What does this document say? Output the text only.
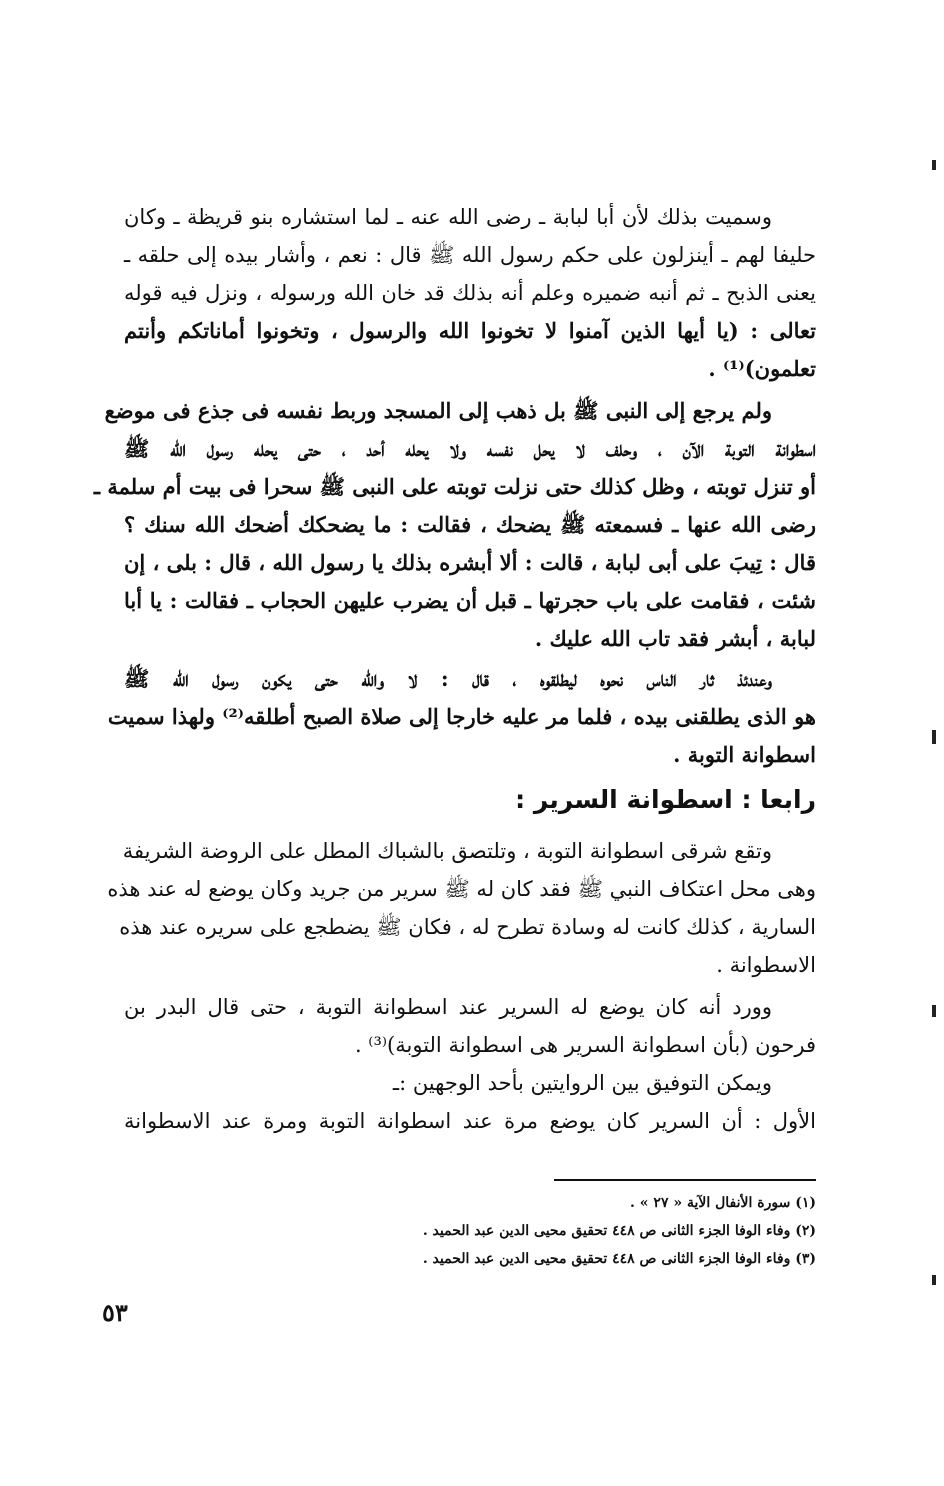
وسميت بذلك لأن أبا لبابة ـ رضى الله عنه ـ لما استشاره بنو قريظة ـ وكان
حليفا لهم ـ أينزلون على حكم رسول الله ﷺ قال : نعم ، وأشار بيده إلى حلقه ـ
يعنى الذبح ـ ثم أنبه ضميره وعلم أنه بذلك قد خان الله ورسوله ، ونزل فيه قوله
تعالى : (يا أيها الذين آمنوا لا تخونوا الله والرسول ، وتخونوا أماناتكم وأنتم
تعلمون)⁽¹⁾ .
ولم يرجع إلى النبى ﷺ بل ذهب إلى المسجد وربط نفسه فى جذع فى موضع
اسطوانة التوبة الآن ، وحلف لا يحل نفسه ولا يحله أحد ، حتى يحله رسول الله ﷺ
أو تنزل توبته ، وظل كذلك حتى نزلت توبته على النبى ﷺ سحرا فى بيت أم سلمة ـ
رضى الله عنها ـ فسمعته ﷺ يضحك ، فقالت : ما يضحكك أضحك الله سنك ؟
قال : تِيبَ على أبى لبابة ، قالت : ألا أبشره بذلك يا رسول الله ، قال : بلى ، إن
شئت ، فقامت على باب حجرتها ـ قبل أن يضرب عليهن الحجاب ـ فقالت : يا أبا
لبابة ، أبشر فقد تاب الله عليك .
وعندئذ ثار الناس نحوه ليطلقوه ، قال : لا والله حتى يكون رسول الله ﷺ
هو الذى يطلقنى بيده ، فلما مر عليه خارجا إلى صلاة الصبح أطلقه⁽²⁾ ولهذا سميت
اسطوانة التوبة .
رابعا : اسطوانة السرير :
وتقع شرقى اسطوانة التوبة ، وتلتصق بالشباك المطل على الروضة الشريفة
وهى محل اعتكاف النبي ﷺ فقد كان له ﷺ سرير من جريد وكان يوضع له عند هذه
السارية ، كذلك كانت له وسادة تطرح له ، فكان ﷺ يضطجع على سريره عند هذه
الاسطوانة .
وورد أنه كان يوضع له السرير عند اسطوانة التوبة ، حتى قال البدر بن
فرحون (بأن اسطوانة السرير هى اسطوانة التوبة)⁽³⁾ .
ويمكن التوفيق بين الروايتين بأحد الوجهين :ـ
الأول : أن السرير كان يوضع مرة عند اسطوانة التوبة ومرة عند الاسطوانة
(١) سورة الأنفال الآية « ٢٧ » .
(٢) وفاء الوفا الجزء الثانى ص ٤٤٨ تحقيق محيى الدين عبد الحميد .
(٣) وفاء الوفا الجزء الثانى ص ٤٤٨ تحقيق محيى الدين عبد الحميد .
٥٣
